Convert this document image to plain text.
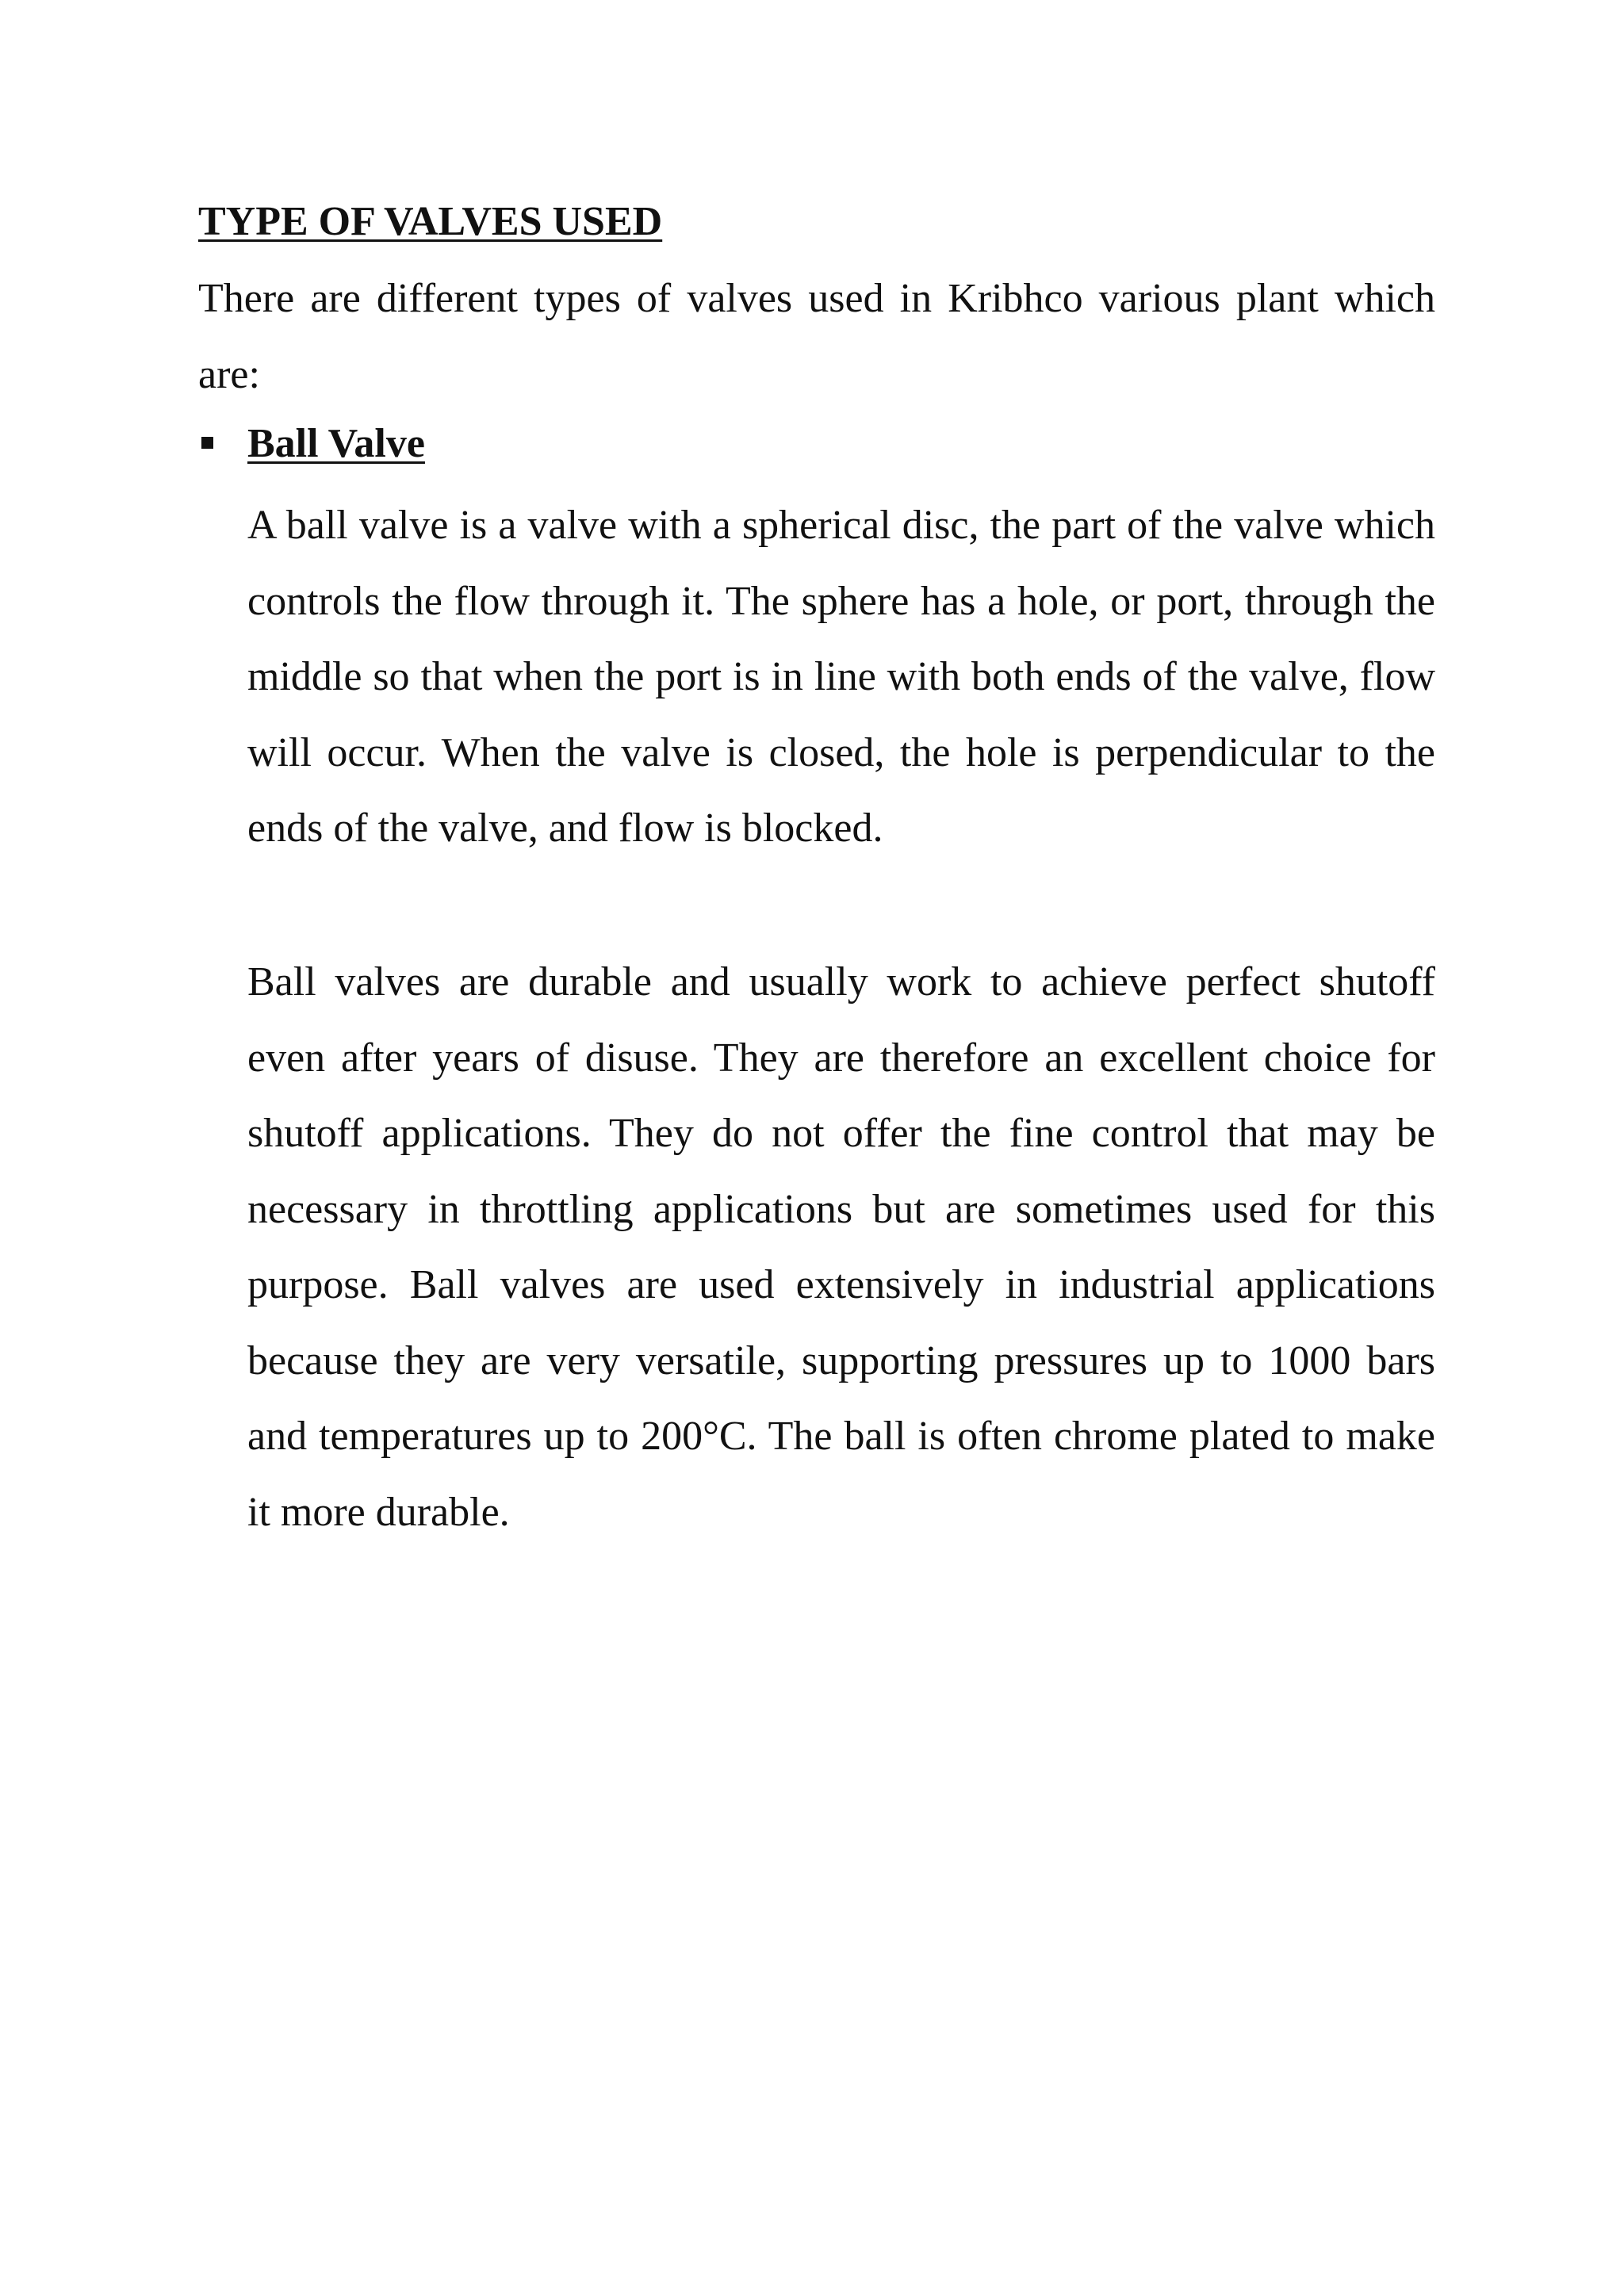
TYPE OF VALVES USED

There are different types of valves used in Kribhco various plant which are:

Ball Valve

A ball valve is a valve with a spherical disc, the part of the valve which controls the flow through it. The sphere has a hole, or port, through the middle so that when the port is in line with both ends of the valve, flow will occur. When the valve is closed, the hole is perpendicular to the ends of the valve, and flow is blocked.

Ball valves are durable and usually work to achieve perfect shutoff even after years of disuse. They are therefore an excellent choice for shutoff applications. They do not offer the fine control that may be necessary in throttling applications but are sometimes used for this purpose. Ball valves are used extensively in industrial applications because they are very versatile, supporting pressures up to 1000 bars and temperatures up to 200°C. The ball is often chrome plated to make it more durable.
